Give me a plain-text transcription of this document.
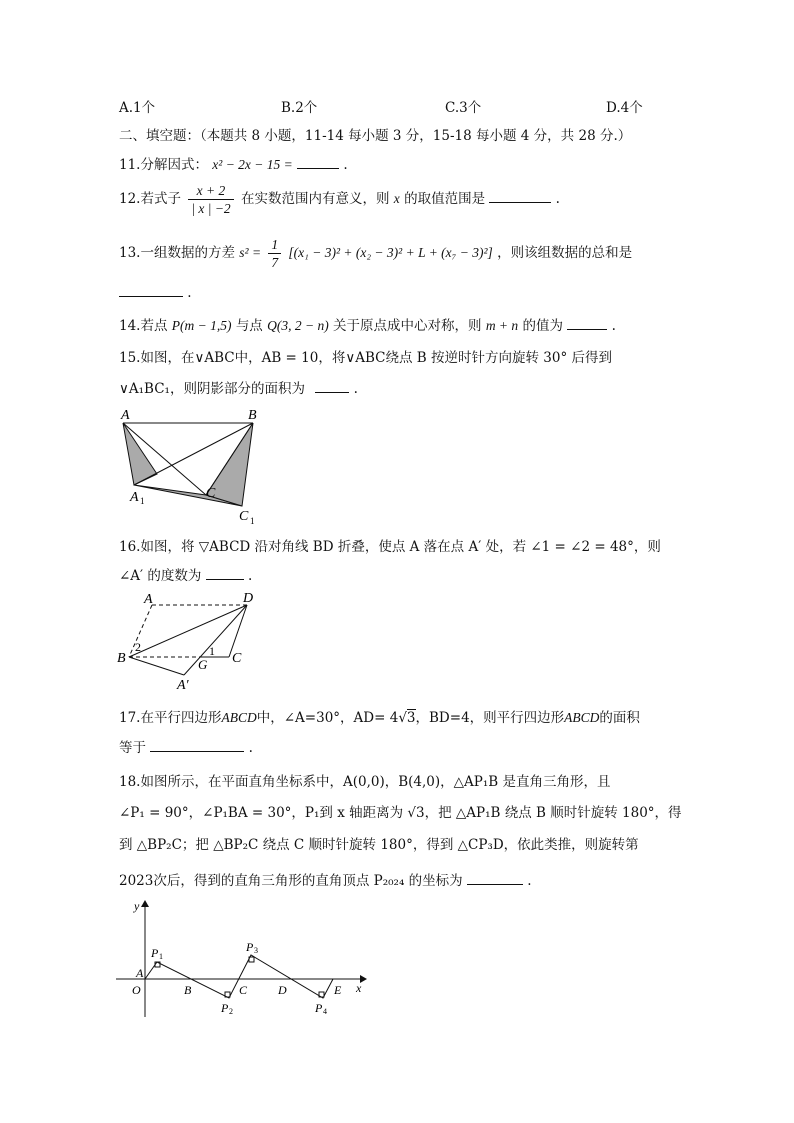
A.1个	B.2个	C.3个	D.4个
二、填空题：（本题共 8 小题，11-14 每小题 3 分，15-18 每小题 4 分，共 28 分.）
11.分解因式： x² − 2x − 15 =	.
12.若式子 $\frac{x + 2}{| x | -2}$ 在实数范围内有意义，则 x 的取值范围是	.
13.一组数据的方差 $s^2 = \frac{1}{7} [(x_1 - 3)^2 + (x_2 - 3)^2 + L + (x_7 - 3)^2]$ ，则该组数据的总和是
.
14.若点 P(m − 1,5) 与点 Q(3, 2 − n) 关于原点成中心对称，则 m + n 的值为	.
15.如图，在∨ABC中，AB = 10，将∨ABC绕点 B 按逆时针方向旋转 30° 后得到
∨A₁BC₁，则阴影部分的面积为	.
A	B
A 1	C
C 1
16.如图，将 ▽ABCD 沿对角线 BD 折叠，使点 A 落在点 A′ 处，若 ∠1 = ∠2 = 48°，则
∠A′ 的度数为	.
A	D
B	G C
A′
1
2
17.在平行四边形ABCD中，∠A=30°，AD= 4√3，BD=4，则平行四边形ABCD的面积
等于	.
18.如图所示，在平面直角坐标系中，A(0,0)，B(4,0)，△AP₁B 是直角三角形，且
∠P₁ = 90°，∠P₁BA = 30°，P₁到 x 轴距离为 √3，把 △AP₁B 绕点 B 顺时针旋转 180°，得
到 △BP₂C；把 △BP₂C 绕点 C 顺时针旋转 180°，得到 △CP₃D，依此类推，则旋转第
2023次后，得到的直角三角形的直角顶点 P₂₀₂₄ 的坐标为	.
y
x
O
A
B	C	D	E
P 1
P 2
P 3
P 4
